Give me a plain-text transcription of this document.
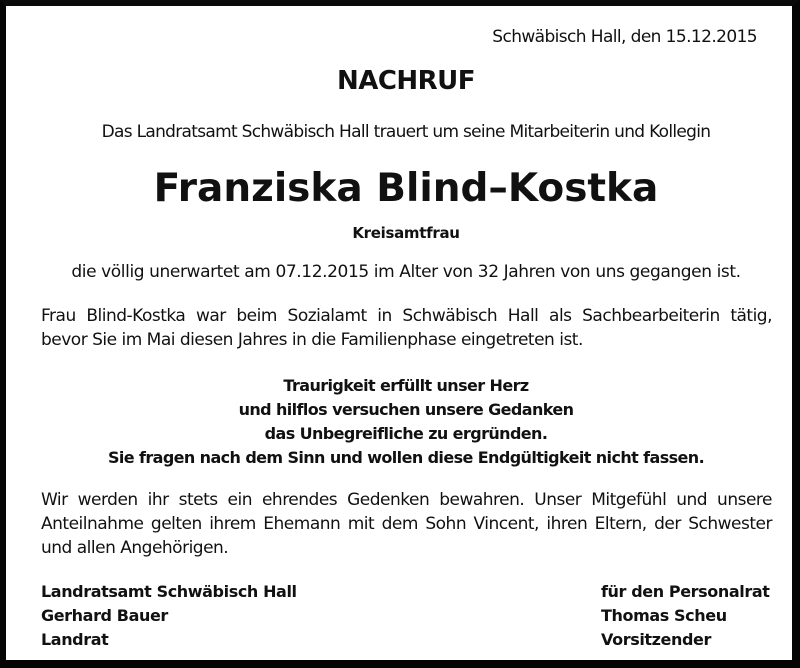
Schwäbisch Hall, den 15.12.2015
NACHRUF
Das Landratsamt Schwäbisch Hall trauert um seine Mitarbeiterin und Kollegin
Franziska Blind–Kostka
Kreisamtfrau
die völlig unerwartet am 07.12.2015 im Alter von 32 Jahren von uns gegangen ist.
Frau Blind-Kostka war beim Sozialamt in Schwäbisch Hall als Sachbearbeiterin tätig,
bevor Sie im Mai diesen Jahres in die Familienphase eingetreten ist.
Traurigkeit erfüllt unser Herz
und hilflos versuchen unsere Gedanken
das Unbegreifliche zu ergründen.
Sie fragen nach dem Sinn und wollen diese Endgültigkeit nicht fassen.
Wir werden ihr stets ein ehrendes Gedenken bewahren. Unser Mitgefühl und unsere
Anteilnahme gelten ihrem Ehemann mit dem Sohn Vincent, ihren Eltern, der Schwester
und allen Angehörigen.
Landratsamt Schwäbisch Hall
Gerhard Bauer
Landrat
für den Personalrat
Thomas Scheu
Vorsitzender
